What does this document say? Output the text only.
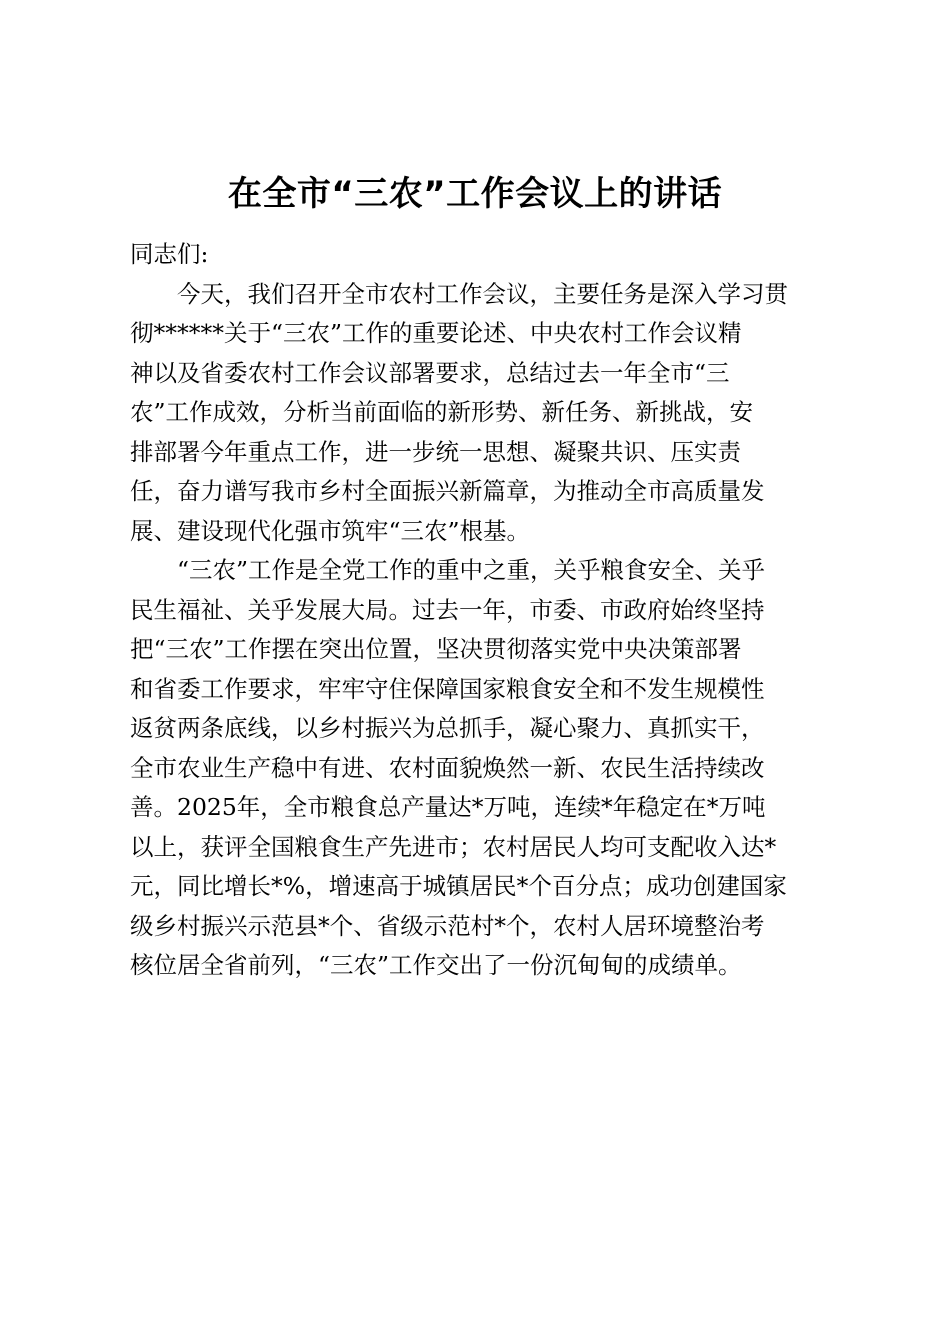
在全市“三农”工作会议上的讲话
同志们:
今天，我们召开全市农村工作会议，主要任务是深入学习贯
彻******关于“三农”工作的重要论述、中央农村工作会议精
神以及省委农村工作会议部署要求，总结过去一年全市“三
农”工作成效，分析当前面临的新形势、新任务、新挑战，安
排部署今年重点工作，进一步统一思想、凝聚共识、压实责
任，奋力谱写我市乡村全面振兴新篇章，为推动全市高质量发
展、建设现代化强市筑牢“三农”根基。
“三农”工作是全党工作的重中之重，关乎粮食安全、关乎
民生福祉、关乎发展大局。过去一年，市委、市政府始终坚持
把“三农”工作摆在突出位置，坚决贯彻落实党中央决策部署
和省委工作要求，牢牢守住保障国家粮食安全和不发生规模性
返贫两条底线，以乡村振兴为总抓手，凝心聚力、真抓实干，
全市农业生产稳中有进、农村面貌焕然一新、农民生活持续改
善。2025年，全市粮食总产量达*万吨，连续*年稳定在*万吨
以上，获评全国粮食生产先进市；农村居民人均可支配收入达*
元，同比增长*%，增速高于城镇居民*个百分点；成功创建国家
级乡村振兴示范县*个、省级示范村*个，农村人居环境整治考
核位居全省前列，“三农”工作交出了一份沉甸甸的成绩单。
